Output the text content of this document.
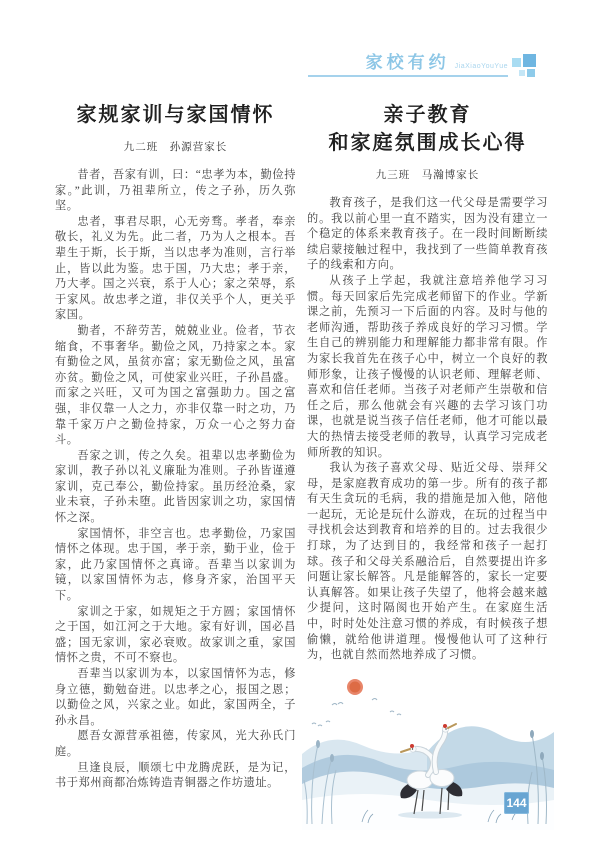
家校有约 JiaXiaoYouYue
家规家训与家国情怀

九二班　孙源营家长

昔者，吾家有训，曰：“忠孝为本，勤俭持家。”此训，乃祖辈所立，传之子孙，历久弥坚。

忠者，事君尽职，心无旁骛。孝者，奉亲敬长，礼义为先。此二者，乃为人之根本。吾辈生于斯，长于斯，当以忠孝为准则，言行举止，皆以此为鉴。忠于国，乃大忠；孝于亲，乃大孝。国之兴衰，系于人心；家之荣辱，系于家风。故忠孝之道，非仅关乎个人，更关乎家国。

勤者，不辞劳苦，兢兢业业。俭者，节衣缩食，不事奢华。勤俭之风，乃持家之本。家有勤俭之风，虽贫亦富；家无勤俭之风，虽富亦贫。勤俭之风，可使家业兴旺，子孙昌盛。而家之兴旺，又可为国之富强助力。国之富强，非仅靠一人之力，亦非仅靠一时之功，乃靠千家万户之勤俭持家，万众一心之努力奋斗。

吾家之训，传之久矣。祖辈以忠孝勤俭为家训，教子孙以礼义廉耻为准则。子孙皆谨遵家训，克己奉公，勤俭持家。虽历经沧桑，家业未衰，子孙未堕。此皆因家训之功，家国情怀之深。

家国情怀，非空言也。忠孝勤俭，乃家国情怀之体现。忠于国，孝于亲，勤于业，俭于家，此乃家国情怀之真谛。吾辈当以家训为镜，以家国情怀为志，修身齐家，治国平天下。

家训之于家，如规矩之于方圆；家国情怀之于国，如江河之于大地。家有好训，国必昌盛；国无家训，家必衰败。故家训之重，家国情怀之贵，不可不察也。

吾辈当以家训为本，以家国情怀为志，修身立德，勤勉奋进。以忠孝之心，报国之恩；以勤俭之风，兴家之业。如此，家国两全，子孙永昌。

愿吾女源营承祖德，传家风，光大孙氏门庭。

旦逢良辰，顺颂七中龙腾虎跃，是为记，书于郑州商都冶炼铸造青铜器之作坊遗址。

亲子教育
和家庭氛围成长心得

九三班　马瀚博家长

教育孩子，是我们这一代父母是需要学习的。我以前心里一直不踏实，因为没有建立一个稳定的体系来教育孩子。在一段时间断断续续启蒙接触过程中，我找到了一些简单教育孩子的线索和方向。

从孩子上学起，我就注意培养他学习习惯。每天回家后先完成老师留下的作业。学新课之前，先预习一下后面的内容。及时与他的老师沟通，帮助孩子养成良好的学习习惯。学生自己的辨别能力和理解能力都非常有限。作为家长我首先在孩子心中，树立一个良好的教师形象，让孩子慢慢的认识老师、理解老师、喜欢和信任老师。当孩子对老师产生崇敬和信任之后，那么他就会有兴趣的去学习该门功课，也就是说当孩子信任老师，他才可能以最大的热情去接受老师的教导，认真学习完成老师所教的知识。

我认为孩子喜欢父母、贴近父母、崇拜父母，是家庭教育成功的第一步。所有的孩子都有天生贪玩的毛病，我的措施是加入他，陪他一起玩，无论是玩什么游戏，在玩的过程当中寻找机会达到教育和培养的目的。过去我很少打球，为了达到目的，我经常和孩子一起打球。孩子和父母关系融洽后，自然要提出许多问题让家长解答。凡是能解答的，家长一定要认真解答。如果让孩子失望了，他将会越来越少提问，这时隔阂也开始产生。在家庭生活中，时时处处注意习惯的养成，有时候孩子想偷懒，就给他讲道理。慢慢他认可了这种行为，也就自然而然地养成了习惯。

144
